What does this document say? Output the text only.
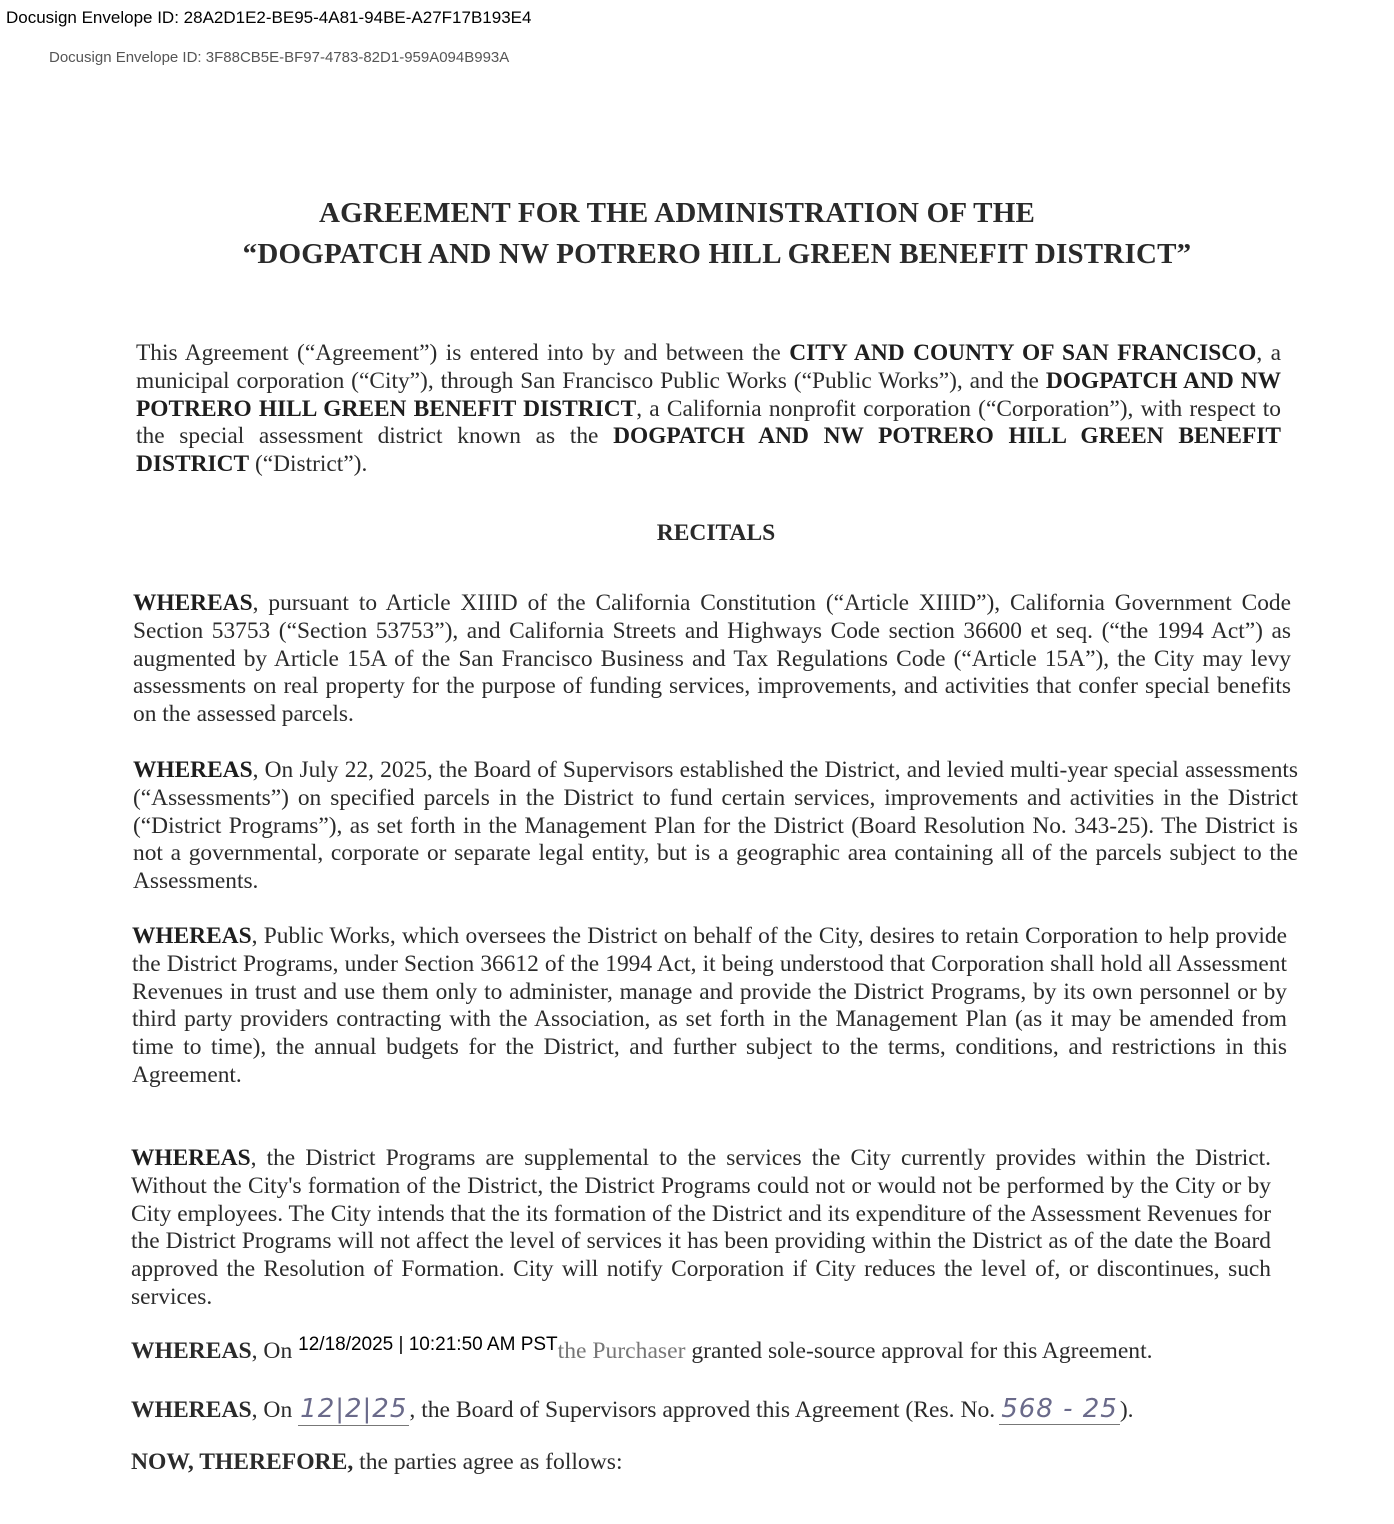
Docusign Envelope ID: 28A2D1E2-BE95-4A81-94BE-A27F17B193E4
Docusign Envelope ID: 3F88CB5E-BF97-4783-82D1-959A094B993A
AGREEMENT FOR THE ADMINISTRATION OF THE
“DOGPATCH AND NW POTRERO HILL GREEN BENEFIT DISTRICT”
This Agreement (“Agreement”) is entered into by and between the CITY AND COUNTY OF SAN FRANCISCO, a municipal corporation (“City”), through San Francisco Public Works (“Public Works”), and the DOGPATCH AND NW POTRERO HILL GREEN BENEFIT DISTRICT, a California nonprofit corporation (“Corporation”), with respect to the special assessment district known as the DOGPATCH AND NW POTRERO HILL GREEN BENEFIT DISTRICT (“District”).
RECITALS
WHEREAS, pursuant to Article XIIID of the California Constitution (“Article XIIID”), California Government Code Section 53753 (“Section 53753”), and California Streets and Highways Code section 36600 et seq. (“the 1994 Act”) as augmented by Article 15A of the San Francisco Business and Tax Regulations Code (“Article 15A”), the City may levy assessments on real property for the purpose of funding services, improvements, and activities that confer special benefits on the assessed parcels.
WHEREAS, On July 22, 2025, the Board of Supervisors established the District, and levied multi-year special assessments (“Assessments”) on specified parcels in the District to fund certain services, improvements and activities in the District (“District Programs”), as set forth in the Management Plan for the District (Board Resolution No. 343-25). The District is not a governmental, corporate or separate legal entity, but is a geographic area containing all of the parcels subject to the Assessments.
WHEREAS, Public Works, which oversees the District on behalf of the City, desires to retain Corporation to help provide the District Programs, under Section 36612 of the 1994 Act, it being understood that Corporation shall hold all Assessment Revenues in trust and use them only to administer, manage and provide the District Programs, by its own personnel or by third party providers contracting with the Association, as set forth in the Management Plan (as it may be amended from time to time), the annual budgets for the District, and further subject to the terms, conditions, and restrictions in this Agreement.
WHEREAS, the District Programs are supplemental to the services the City currently provides within the District. Without the City's formation of the District, the District Programs could not or would not be performed by the City or by City employees. The City intends that the its formation of the District and its expenditure of the Assessment Revenues for the District Programs will not affect the level of services it has been providing within the District as of the date the Board approved the Resolution of Formation. City will notify Corporation if City reduces the level of, or discontinues, such services.
WHEREAS, On $^{12/18/2025 | 10:21:50 AM PST}$the Purchaser granted sole-source approval for this Agreement.
WHEREAS, On 12|2|25, the Board of Supervisors approved this Agreement (Res. No. 568 - 25).
NOW, THEREFORE, the parties agree as follows:
